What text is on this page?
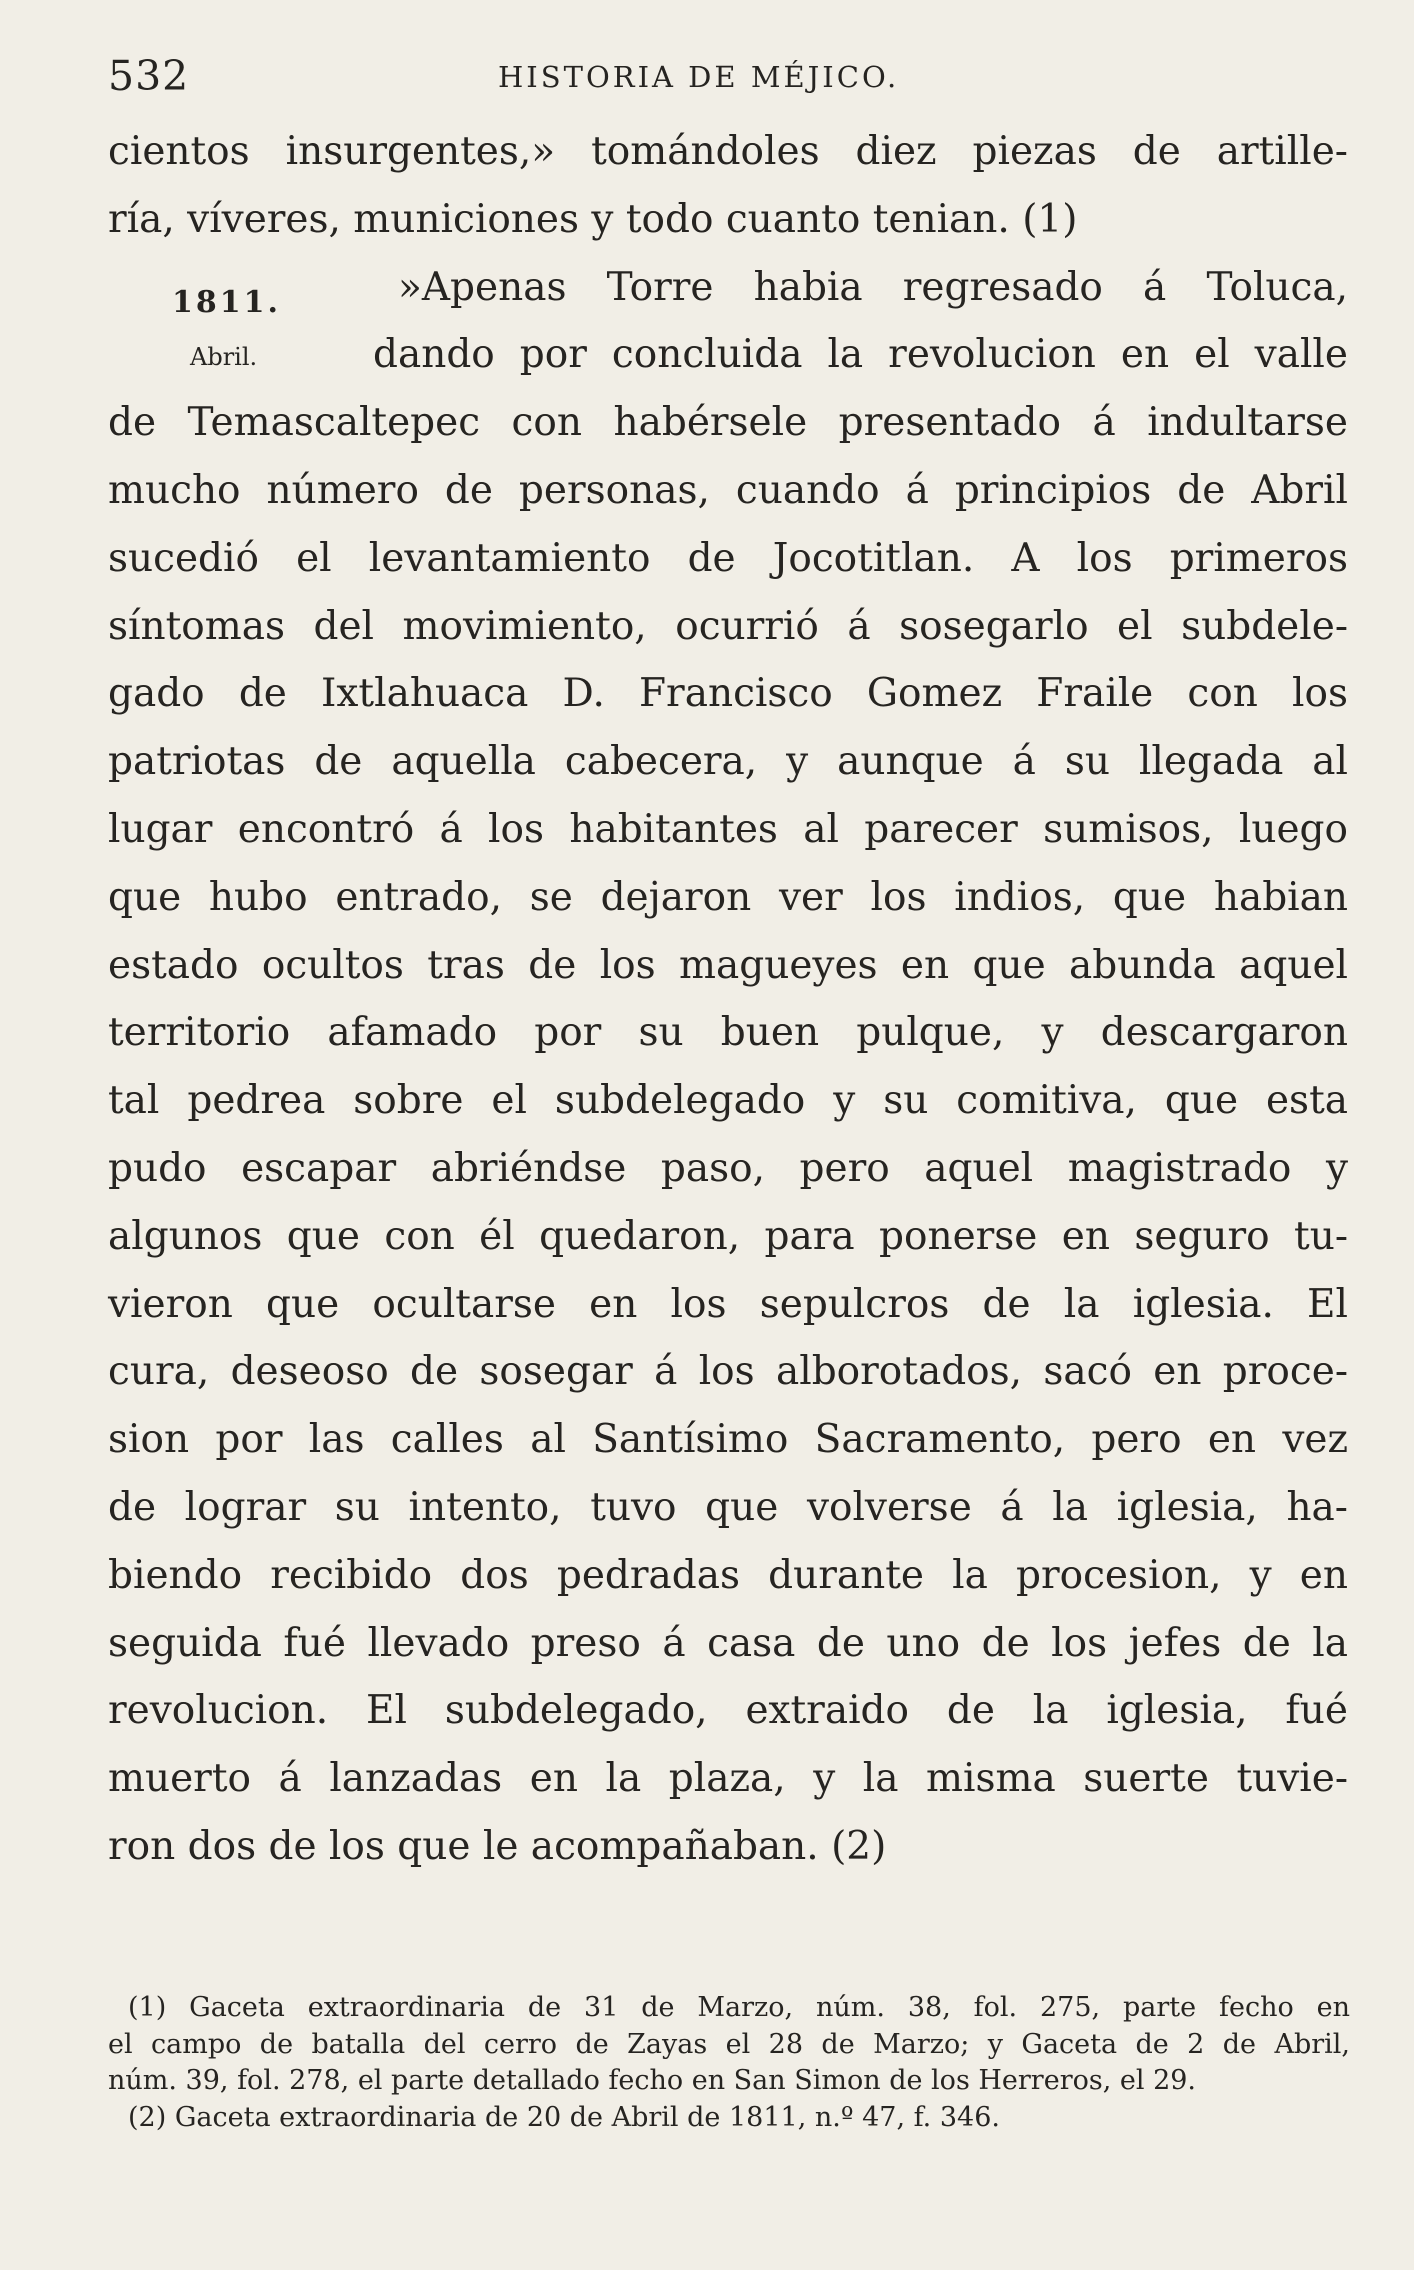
532	HISTORIA DE MÉJICO.
1811.
Abril.
cientos insurgentes,» tomándoles diez piezas de artille-
ría, víveres, municiones y todo cuanto tenian. (1)
»Apenas Torre habia regresado á Toluca,
dando por concluida la revolucion en el valle
de Temascaltepec con habérsele presentado á indultarse
mucho número de personas, cuando á principios de Abril
sucedió el levantamiento de Jocotitlan. A los primeros
síntomas del movimiento, ocurrió á sosegarlo el subdele-
gado de Ixtlahuaca D. Francisco Gomez Fraile con los
patriotas de aquella cabecera, y aunque á su llegada al
lugar encontró á los habitantes al parecer sumisos, luego
que hubo entrado, se dejaron ver los indios, que habian
estado ocultos tras de los magueyes en que abunda aquel
territorio afamado por su buen pulque, y descargaron
tal pedrea sobre el subdelegado y su comitiva, que esta
pudo escapar abriéndse paso, pero aquel magistrado y
algunos que con él quedaron, para ponerse en seguro tu-
vieron que ocultarse en los sepulcros de la iglesia. El
cura, deseoso de sosegar á los alborotados, sacó en proce-
sion por las calles al Santísimo Sacramento, pero en vez
de lograr su intento, tuvo que volverse á la iglesia, ha-
biendo recibido dos pedradas durante la procesion, y en
seguida fué llevado preso á casa de uno de los jefes de la
revolucion. El subdelegado, extraido de la iglesia, fué
muerto á lanzadas en la plaza, y la misma suerte tuvie-
ron dos de los que le acompañaban. (2)
(1) Gaceta extraordinaria de 31 de Marzo, núm. 38, fol. 275, parte fecho en
el campo de batalla del cerro de Zayas el 28 de Marzo; y Gaceta de 2 de Abril,
núm. 39, fol. 278, el parte detallado fecho en San Simon de los Herreros, el 29.
(2) Gaceta extraordinaria de 20 de Abril de 1811, n.º 47, f. 346.
